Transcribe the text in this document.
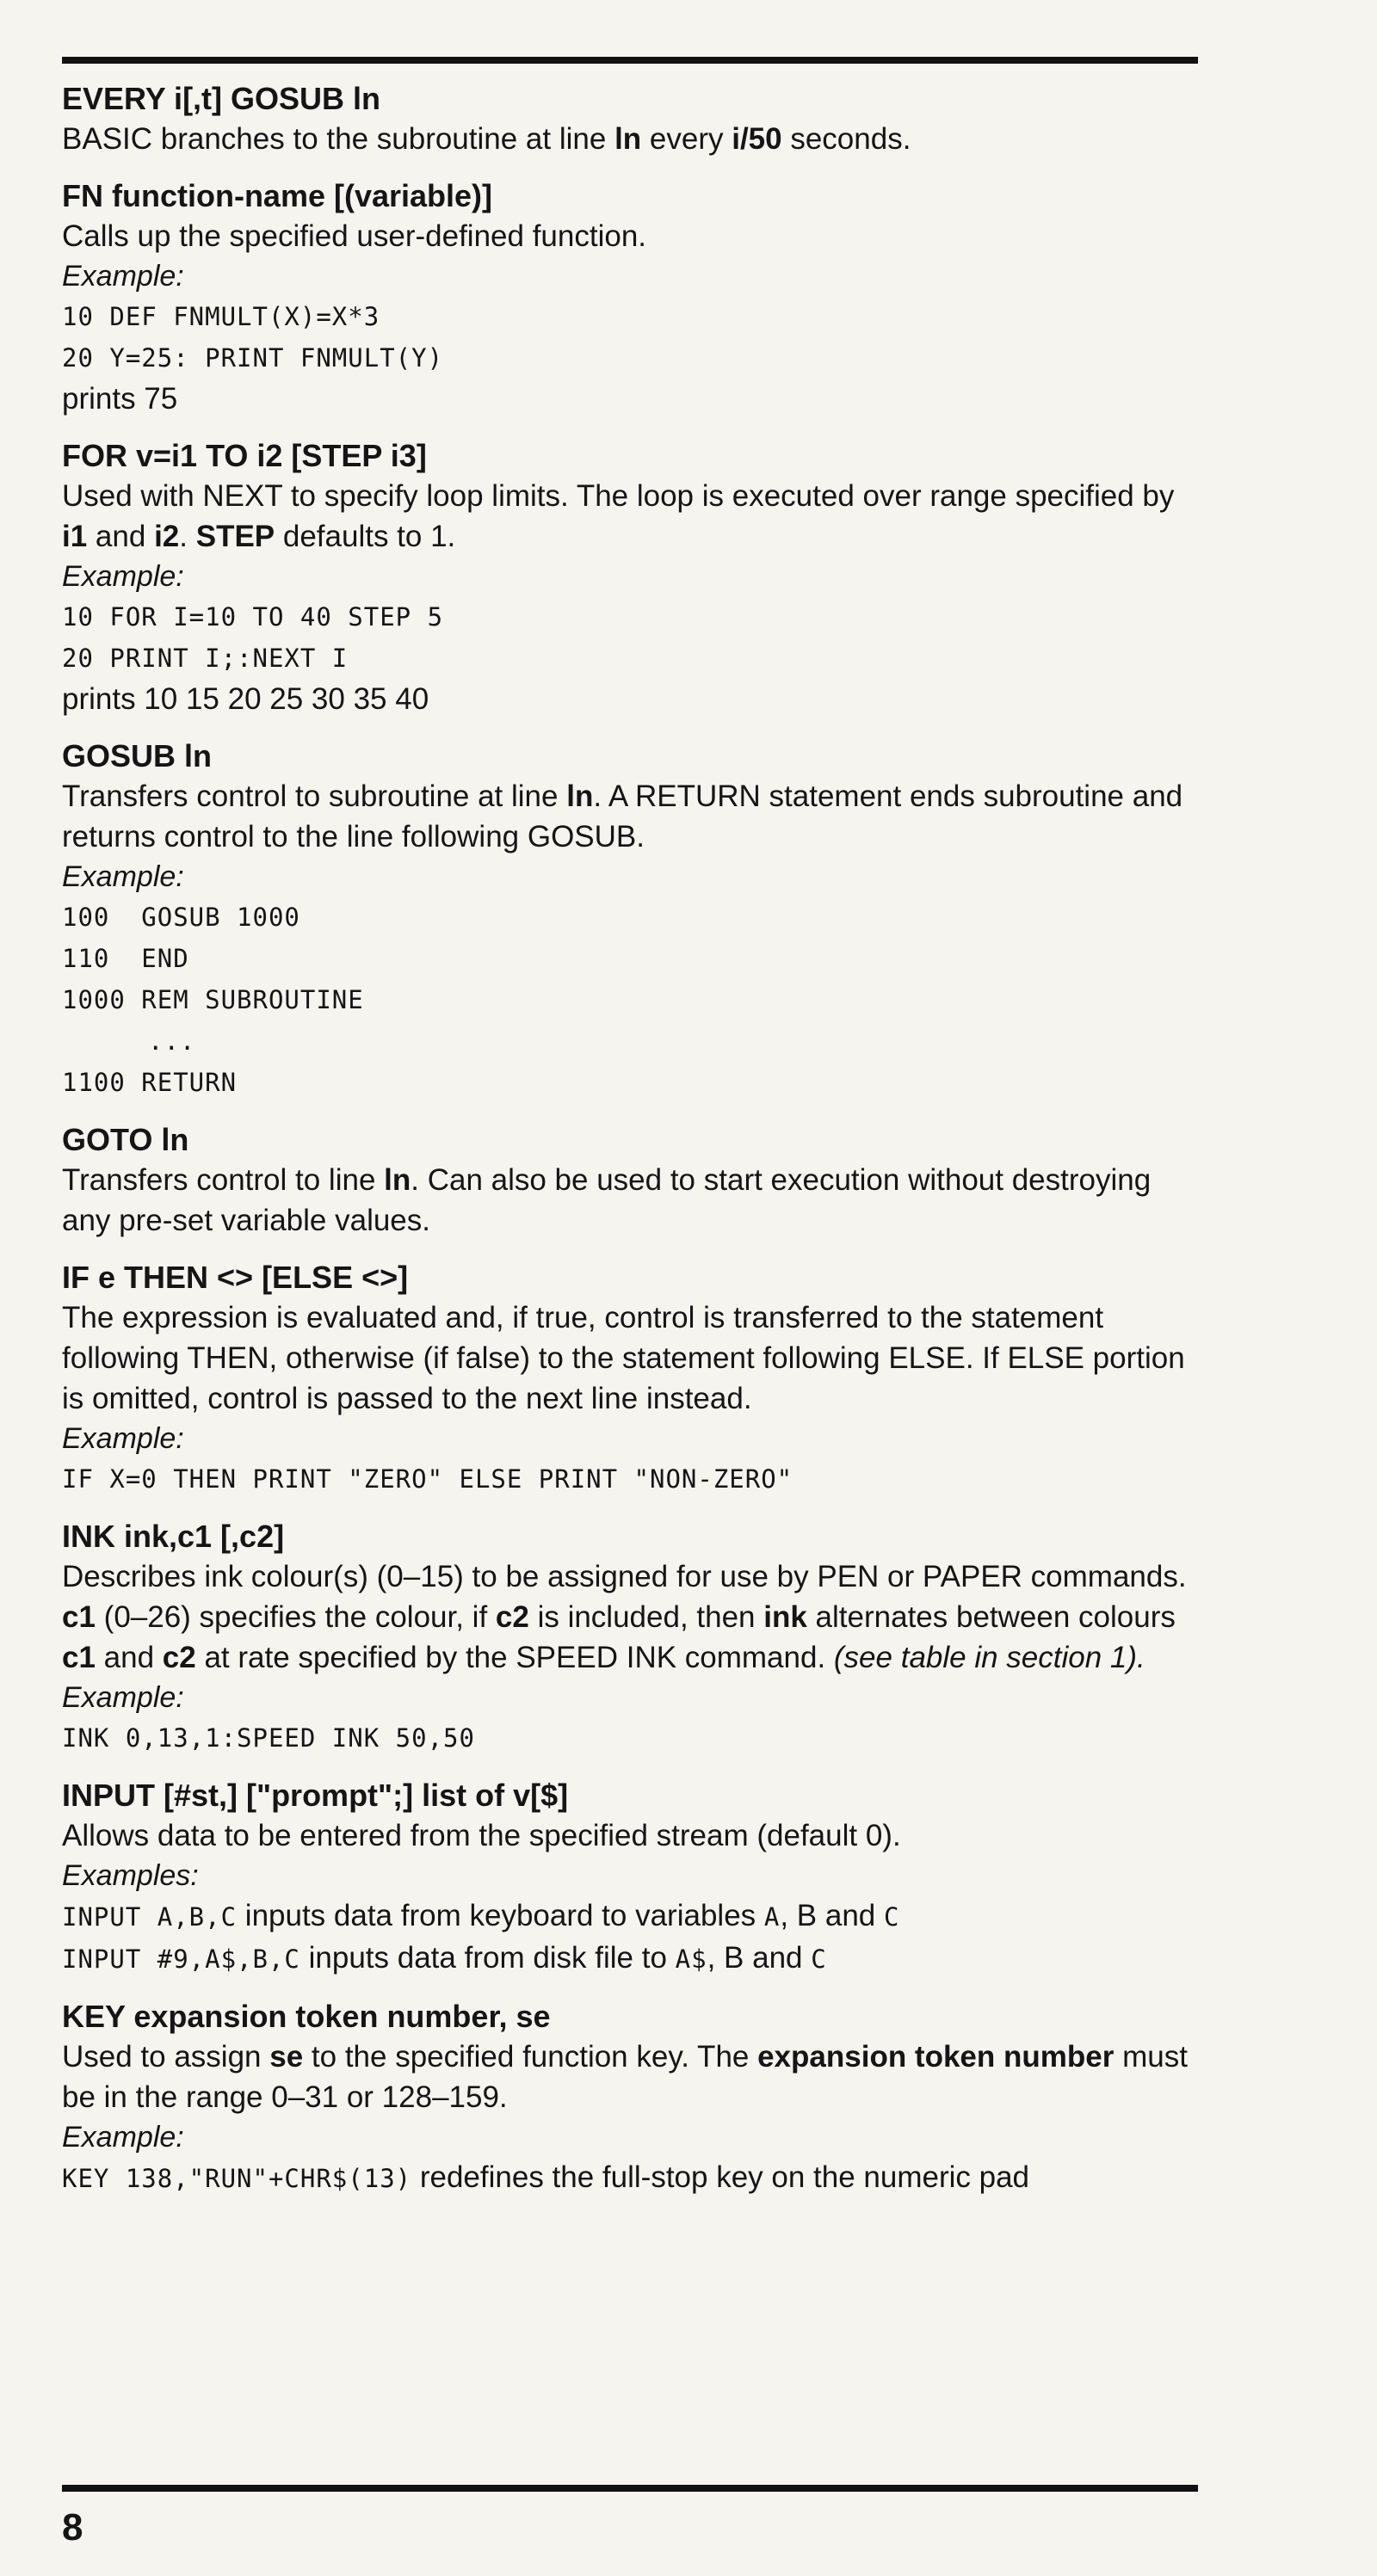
EVERY i[,t] GOSUB ln
BASIC branches to the subroutine at line ln every i/50 seconds.
FN function-name [(variable)]
Calls up the specified user-defined function.
Example:
10 DEF FNMULT(X)=X*3
20 Y=25: PRINT FNMULT(Y)
prints 75
FOR v=i1 TO i2 [STEP i3]
Used with NEXT to specify loop limits. The loop is executed over range specified by i1 and i2. STEP defaults to 1.
Example:
10 FOR I=10 TO 40 STEP 5
20 PRINT I;:NEXT I
prints 10 15 20 25 30 35 40
GOSUB ln
Transfers control to subroutine at line ln. A RETURN statement ends subroutine and returns control to the line following GOSUB.
Example:
100  GOSUB 1000
110  END
1000 REM SUBROUTINE
...
1100 RETURN
GOTO ln
Transfers control to line ln. Can also be used to start execution without destroying any pre-set variable values.
IF e THEN <> [ELSE <>]
The expression is evaluated and, if true, control is transferred to the statement following THEN, otherwise (if false) to the statement following ELSE. If ELSE portion is omitted, control is passed to the next line instead.
Example:
IF X=0 THEN PRINT "ZERO" ELSE PRINT "NON-ZERO"
INK ink,c1 [,c2]
Describes ink colour(s) (0–15) to be assigned for use by PEN or PAPER commands. c1 (0–26) specifies the colour, if c2 is included, then ink alternates between colours c1 and c2 at rate specified by the SPEED INK command. (see table in section 1).
Example:
INK 0,13,1:SPEED INK 50,50
INPUT [#st,] ["prompt";] list of v[$]
Allows data to be entered from the specified stream (default 0).
Examples:
INPUT A,B,C inputs data from keyboard to variables A, B and C
INPUT #9,A$,B,C inputs data from disk file to A$, B and C
KEY expansion token number, se
Used to assign se to the specified function key. The expansion token number must be in the range 0–31 or 128–159.
Example:
KEY 138,"RUN"+CHR$(13) redefines the full-stop key on the numeric pad
8
